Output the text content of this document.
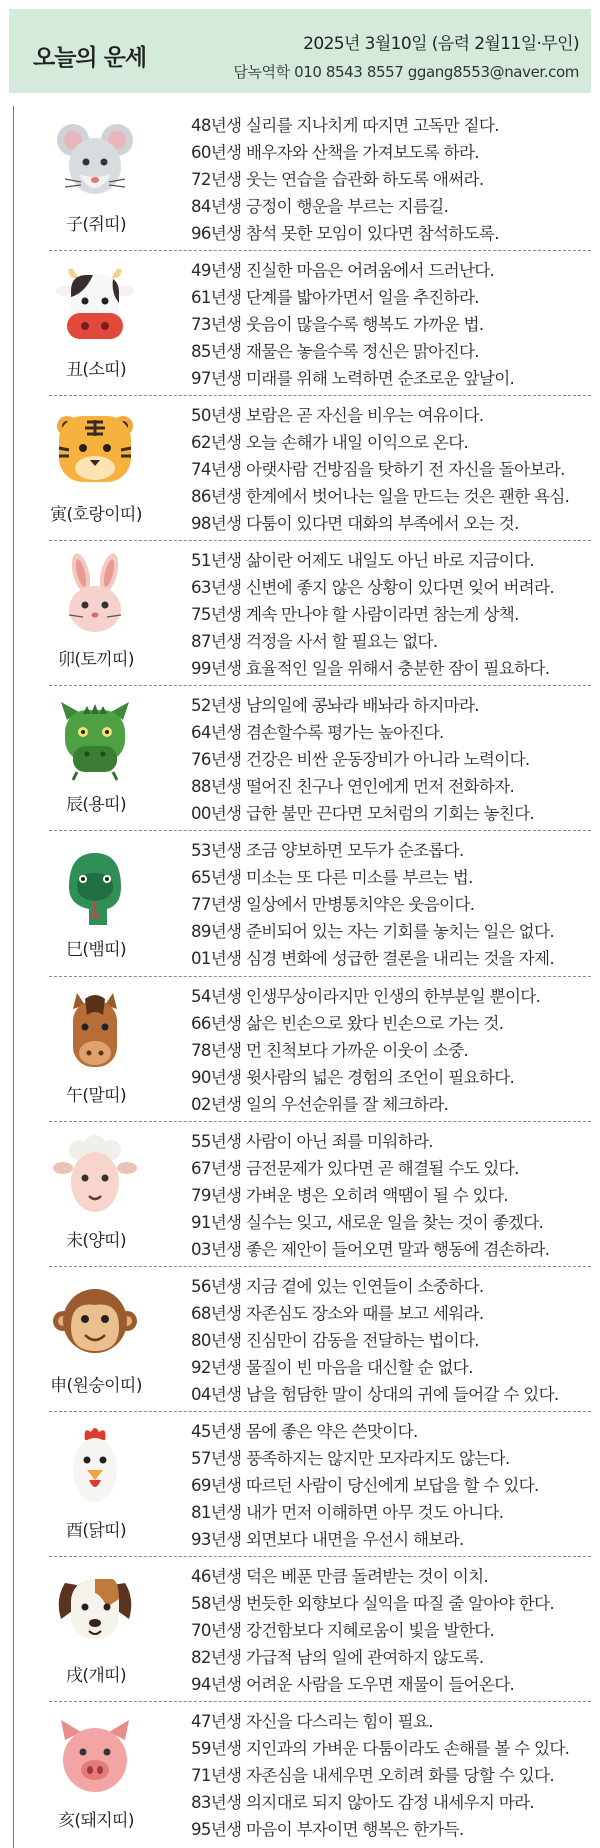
오늘의 운세
2025년 3월10일 (음력 2월11일·무인)
담녹역학 010 8543 8557 ggang8553@naver.com
子(쥐띠)
48년생 실리를 지나치게 따지면 고독만 짙다.
60년생 배우자와 산책을 가져보도록 하라.
72년생 웃는 연습을 습관화 하도록 애써라.
84년생 긍정이 행운을 부르는 지름길.
96년생 참석 못한 모임이 있다면 참석하도록.
丑(소띠)
49년생 진실한 마음은 어려움에서 드러난다.
61년생 단계를 밟아가면서 일을 추진하라.
73년생 웃음이 많을수록 행복도 가까운 법.
85년생 재물은 놓을수록 정신은 맑아진다.
97년생 미래를 위해 노력하면 순조로운 앞날이.
寅(호랑이띠)
50년생 보람은 곧 자신을 비우는 여유이다.
62년생 오늘 손해가 내일 이익으로 온다.
74년생 아랫사람 건방짐을 탓하기 전 자신을 돌아보라.
86년생 한계에서 벗어나는 일을 만드는 것은 괜한 욕심.
98년생 다툼이 있다면 대화의 부족에서 오는 것.
卯(토끼띠)
51년생 삶이란 어제도 내일도 아닌 바로 지금이다.
63년생 신변에 좋지 않은 상황이 있다면 잊어 버려라.
75년생 계속 만나야 할 사람이라면 참는게 상책.
87년생 걱정을 사서 할 필요는 없다.
99년생 효율적인 일을 위해서 충분한 잠이 필요하다.
辰(용띠)
52년생 남의일에 콩놔라 배놔라 하지마라.
64년생 겸손할수록 평가는 높아진다.
76년생 건강은 비싼 운동장비가 아니라 노력이다.
88년생 떨어진 친구나 연인에게 먼저 전화하자.
00년생 급한 불만 끈다면 모처럼의 기회는 놓친다.
巳(뱀띠)
53년생 조금 양보하면 모두가 순조롭다.
65년생 미소는 또 다른 미소를 부르는 법.
77년생 일상에서 만병통치약은 웃음이다.
89년생 준비되어 있는 자는 기회를 놓치는 일은 없다.
01년생 심경 변화에 성급한 결론을 내리는 것을 자제.
午(말띠)
54년생 인생무상이라지만 인생의 한부분일 뿐이다.
66년생 삶은 빈손으로 왔다 빈손으로 가는 것.
78년생 먼 친척보다 가까운 이웃이 소중.
90년생 윗사람의 넓은 경험의 조언이 필요하다.
02년생 일의 우선순위를 잘 체크하라.
未(양띠)
55년생 사람이 아닌 죄를 미워하라.
67년생 금전문제가 있다면 곧 해결될 수도 있다.
79년생 가벼운 병은 오히려 액땜이 될 수 있다.
91년생 실수는 잊고, 새로운 일을 찾는 것이 좋겠다.
03년생 좋은 제안이 들어오면 말과 행동에 겸손하라.
申(원숭이띠)
56년생 지금 곁에 있는 인연들이 소중하다.
68년생 자존심도 장소와 때를 보고 세워라.
80년생 진심만이 감동을 전달하는 법이다.
92년생 물질이 빈 마음을 대신할 순 없다.
04년생 남을 험담한 말이 상대의 귀에 들어갈 수 있다.
酉(닭띠)
45년생 몸에 좋은 약은 쓴맛이다.
57년생 풍족하지는 않지만 모자라지도 않는다.
69년생 따르던 사람이 당신에게 보답을 할 수 있다.
81년생 내가 먼저 이해하면 아무 것도 아니다.
93년생 외면보다 내면을 우선시 해보라.
戌(개띠)
46년생 덕은 베푼 만큼 돌려받는 것이 이치.
58년생 번듯한 외향보다 실익을 따질 줄 알아야 한다.
70년생 강건함보다 지혜로움이 빛을 발한다.
82년생 가급적 남의 일에 관여하지 않도록.
94년생 어려운 사람을 도우면 재물이 들어온다.
亥(돼지띠)
47년생 자신을 다스리는 힘이 필요.
59년생 지인과의 가벼운 다툼이라도 손해를 볼 수 있다.
71년생 자존심을 내세우면 오히려 화를 당할 수 있다.
83년생 의지대로 되지 않아도 감정 내세우지 마라.
95년생 마음이 부자이면 행복은 한가득.
